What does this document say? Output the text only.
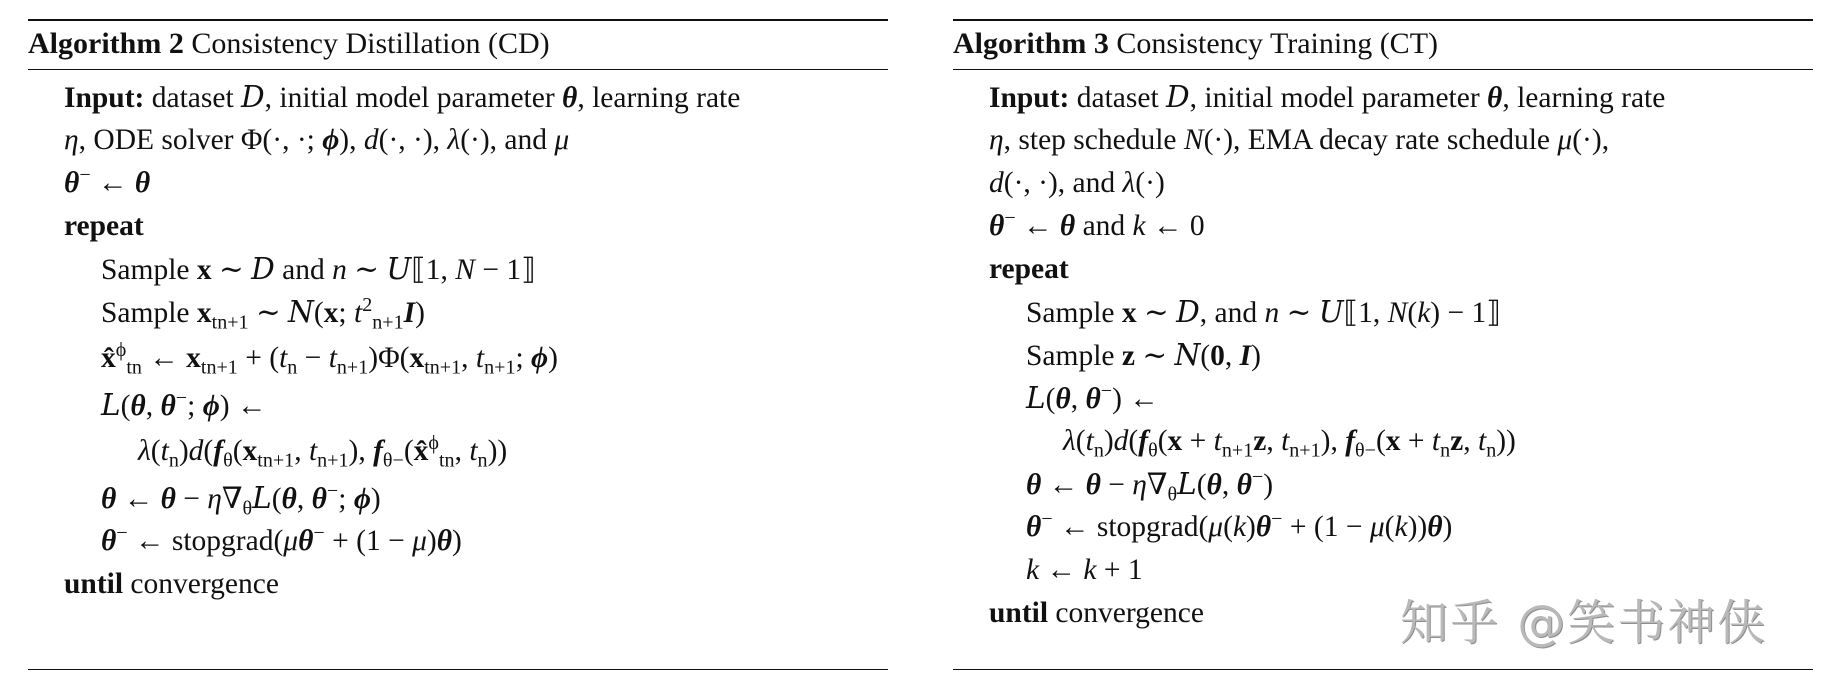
Algorithm 2 Consistency Distillation (CD)
Input: dataset D, initial model parameter θ, learning rate
η, ODE solver Φ(·, ·; ϕ), d(·, ·), λ(·), and μ
θ− ← θ
repeat
Sample x ∼ D and n ∼ U⟦1, N − 1⟧
Sample $x_{tn+1}$ ∼ N(x; $t^2_{n+1}I$)
x̂$^\phi_{tn}$ ← $x_{tn+1} + (t_n - t_{n+1})\Phi(x_{tn+1}$, $t_{n+1}$; ϕ)
L(θ, θ−; ϕ) ←
$\lambda(t_n)d(f_\theta(x_{tn+1}$, $t_{n+1}$), $f_{\theta-}(x̂^\phi_{tn}$, $t_n$))
θ ← $\theta - \eta\nabla_\theta L(\theta$, θ−; ϕ)
θ− ← stopgrad(μθ− + (1 − μ)θ)
until convergence
Algorithm 3 Consistency Training (CT)
Input: dataset D, initial model parameter θ, learning rate
η, step schedule N(·), EMA decay rate schedule μ(·),
d(·, ·), and λ(·)
θ− ← θ and k ← 0
repeat
Sample x ∼ D, and n ∼ U⟦1, N(k) − 1⟧
Sample z ∼ N(0, I)
L(θ, θ−) ←
$\lambda(t_n)d(f_\theta(x + t_{n+1}z$, $t_{n+1}$), $f_{\theta-}(x + t_nz$, $t_n$))
θ ← $\theta - \eta\nabla_\theta L(\theta$, θ−)
θ− ← stopgrad(μ(k)θ− + (1 − μ(k))θ)
k ← k + 1
until convergence	知乎 @笑书神侠
